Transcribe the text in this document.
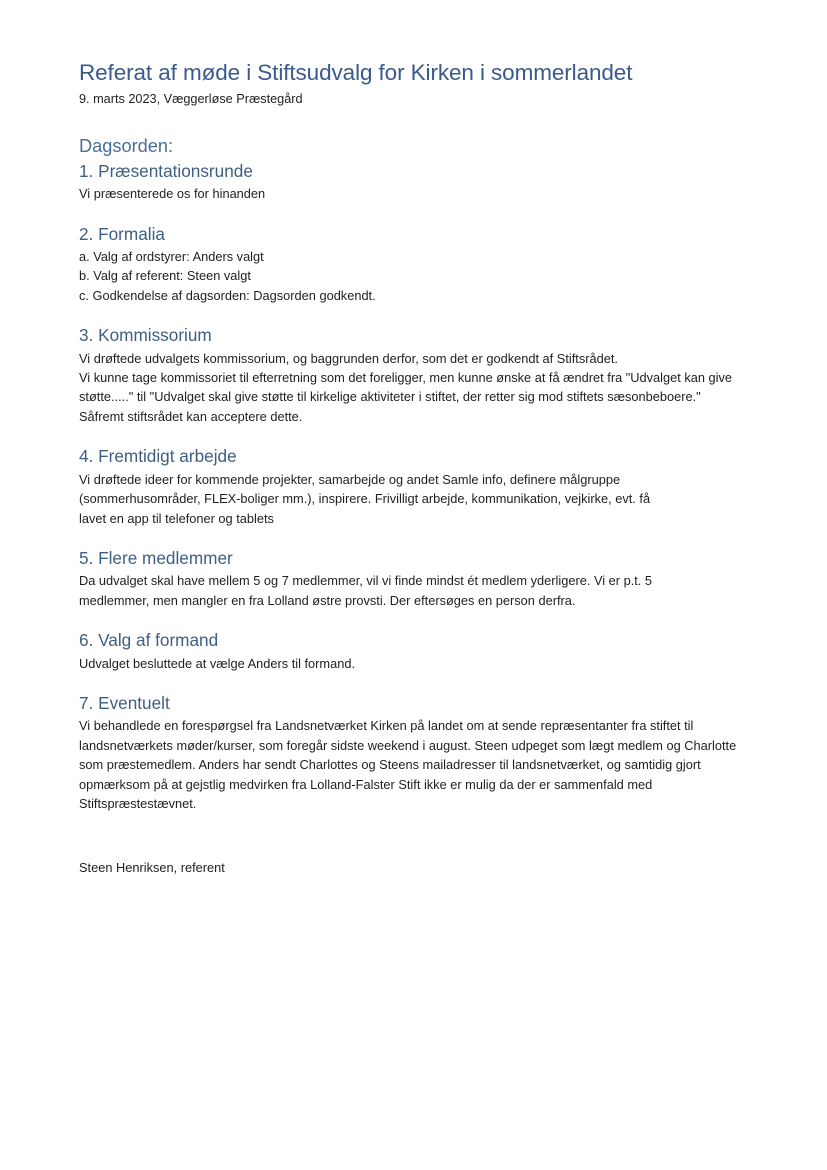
Referat af møde i Stiftsudvalg for Kirken i sommerlandet

9. marts 2023, Væggerløse Præstegård

Dagsorden:
1. Præsentationsrunde

Vi præsenterede os for hinanden

2. Formalia

a. Valg af ordstyrer: Anders valgt

b. Valg af referent: Steen valgt

c. Godkendelse af dagsorden: Dagsorden godkendt.

3. Kommissorium

Vi drøftede udvalgets kommissorium, og baggrunden derfor, som det er godkendt af Stiftsrådet.

Vi kunne tage kommissoriet til efterretning som det foreligger, men kunne ønske at få ændret fra "Udvalget kan give støtte....." til "Udvalget skal give støtte til kirkelige aktiviteter i stiftet, der retter sig mod stiftets sæsonbeboere." Såfremt stiftsrådet kan acceptere dette.

4. Fremtidigt arbejde

Vi drøftede ideer for kommende projekter, samarbejde og andet Samle info, definere målgruppe (sommerhusområder, FLEX-boliger mm.), inspirere. Frivilligt arbejde, kommunikation, vejkirke, evt. få lavet en app til telefoner og tablets

5. Flere medlemmer

Da udvalget skal have mellem 5 og 7 medlemmer, vil vi finde mindst ét medlem yderligere. Vi er p.t. 5 medlemmer, men mangler en fra Lolland østre provsti. Der eftersøges en person derfra.

6. Valg af formand

Udvalget besluttede at vælge Anders til formand.

7. Eventuelt

Vi behandlede en forespørgsel fra Landsnetværket Kirken på landet om at sende repræsentanter fra stiftet til landsnetværkets møder/kurser, som foregår sidste weekend i august. Steen udpeget som lægt medlem og Charlotte som præstemedlem. Anders har sendt Charlottes og Steens mailadresser til landsnetværket, og samtidig gjort opmærksom på at gejstlig medvirken fra Lolland-Falster Stift ikke er mulig da der er sammenfald med Stiftspræstestævnet.

Steen Henriksen, referent
